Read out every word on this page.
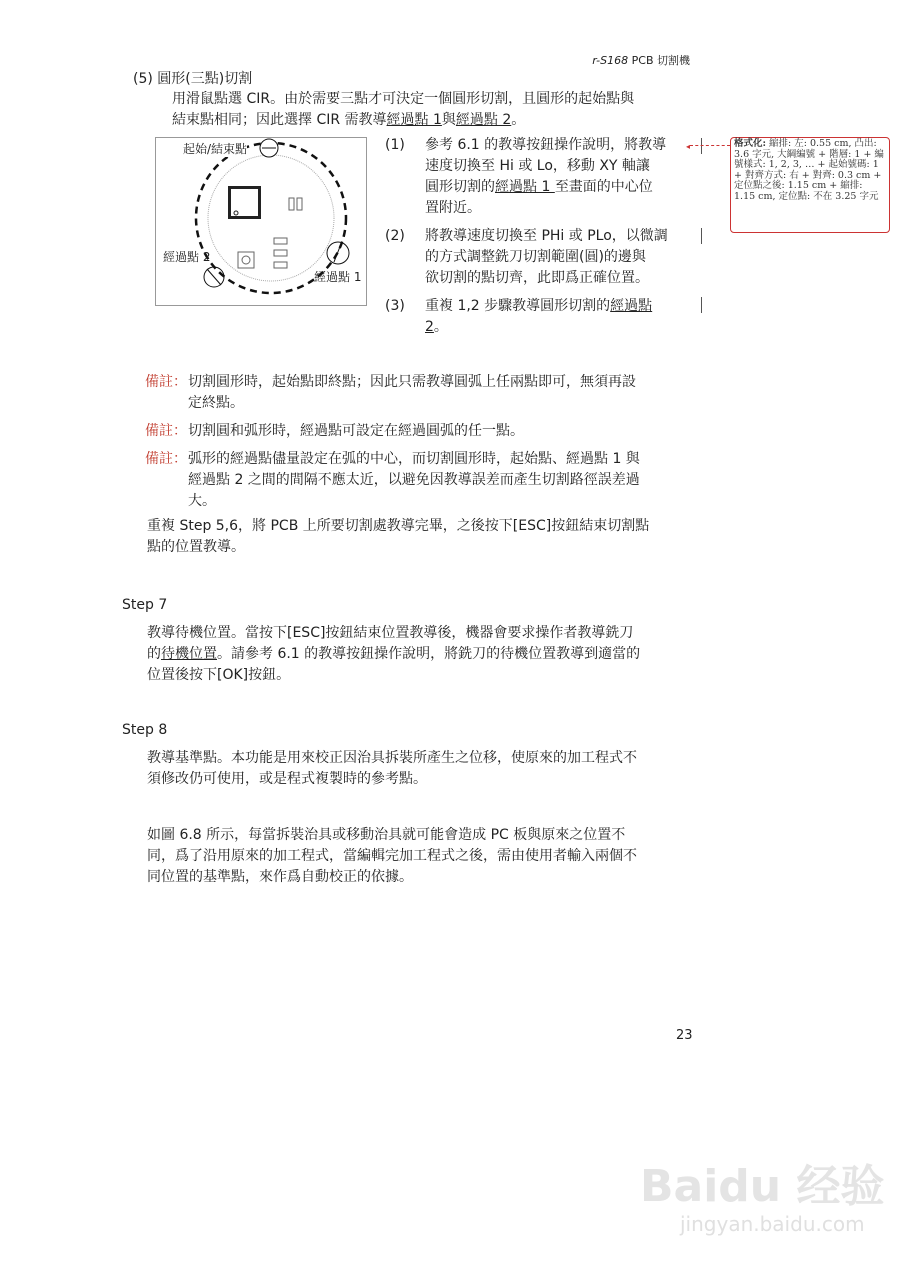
r-S168 PCB 切割機
(5) 圓形(三點)切割
用滑鼠點選 CIR。由於需要三點才可決定一個圓形切割，且圓形的起始點與
結束點相同；因此選擇 CIR 需教導經過點 1與經過點 2。
起始/結束點
經過點 1
經過點 2
(1) 參考 6.1 的教導按鈕操作說明，將教導
速度切換至 Hi 或 Lo，移動 XY 軸讓
圓形切割的經過點 1 至畫面的中心位
置附近。
(2) 將教導速度切換至 PHi 或 PLo，以微調
的方式調整銑刀切割範圍(圓)的邊與
欲切割的點切齊，此即爲正確位置。
(3) 重複 1,2 步驟教導圓形切割的經過點
2。
◂	格式化: 縮排: 左: 0.55 cm, 凸出: 3.6 字元, 大綱編號 + 階層: 1 + 編號樣式: 1, 2, 3, … + 起始號碼: 1 + 對齊方式: 右 + 對齊: 0.3 cm + 定位點之後: 1.15 cm + 縮排: 1.15 cm, 定位點: 不在 3.25 字元
備註： 切割圓形時，起始點即終點；因此只需教導圓弧上任兩點即可，無須再設
定終點。
備註： 切割圓和弧形時，經過點可設定在經過圓弧的任一點。
備註： 弧形的經過點儘量設定在弧的中心，而切割圓形時，起始點、經過點 1 與
經過點 2 之間的間隔不應太近，以避免因教導誤差而產生切割路徑誤差過
大。
重複 Step 5,6，將 PCB 上所要切割處教導完畢，之後按下[ESC]按鈕結束切割點
點的位置教導。
Step 7
教導待機位置。當按下[ESC]按鈕結束位置教導後，機器會要求操作者教導銑刀
的待機位置。請參考 6.1 的教導按鈕操作說明，將銑刀的待機位置教導到適當的
位置後按下[OK]按鈕。
Step 8
教導基準點。本功能是用來校正因治具拆裝所產生之位移，使原來的加工程式不
須修改仍可使用，或是程式複製時的參考點。
如圖 6.8 所示，每當拆裝治具或移動治具就可能會造成 PC 板與原來之位置不
同，爲了沿用原來的加工程式，當編輯完加工程式之後，需由使用者輸入兩個不
同位置的基準點，來作爲自動校正的依據。
23
Baidu 经验
jingyan.baidu.com
